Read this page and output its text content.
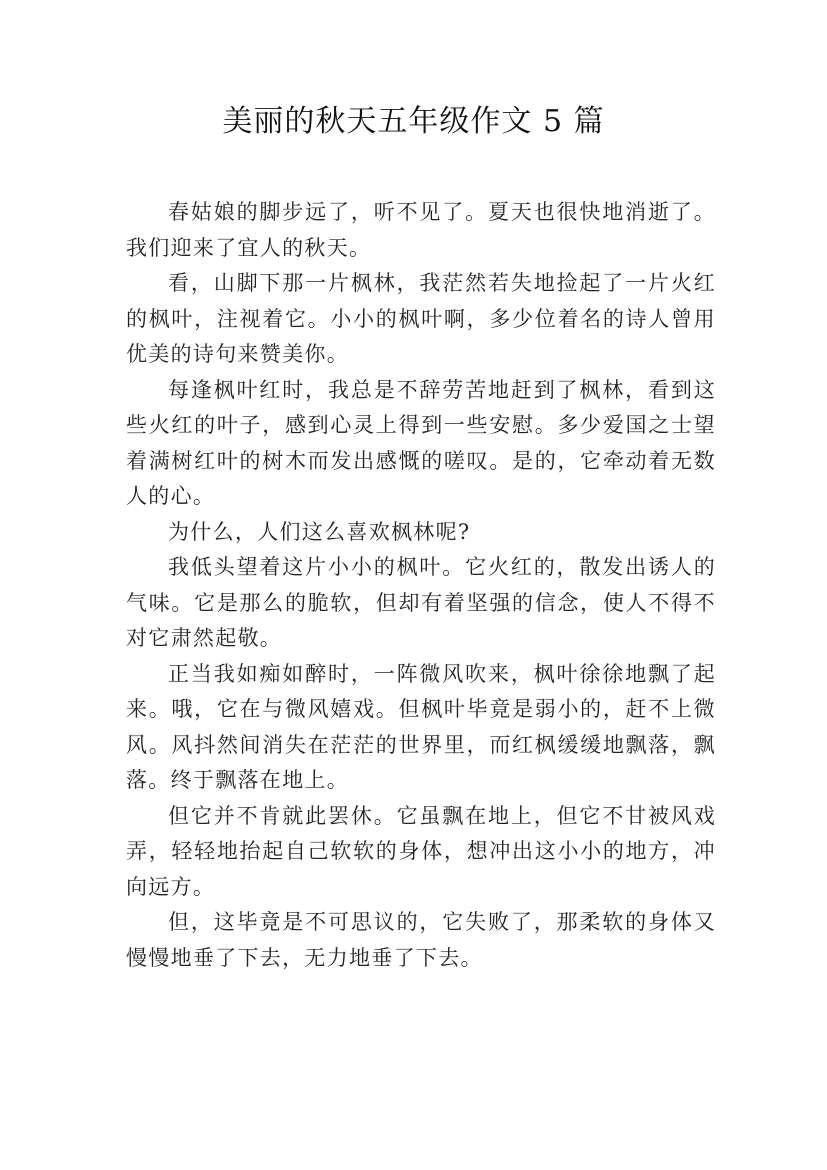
美丽的秋天五年级作文 5 篇

春姑娘的脚步远了，听不见了。夏天也很快地消逝了。我们迎来了宜人的秋天。

看，山脚下那一片枫林，我茫然若失地捡起了一片火红的枫叶，注视着它。小小的枫叶啊，多少位着名的诗人曾用优美的诗句来赞美你。

每逢枫叶红时，我总是不辞劳苦地赶到了枫林，看到这些火红的叶子，感到心灵上得到一些安慰。多少爱国之士望着满树红叶的树木而发出感慨的嗟叹。是的，它牵动着无数人的心。

为什么，人们这么喜欢枫林呢?

我低头望着这片小小的枫叶。它火红的，散发出诱人的气味。它是那么的脆软，但却有着坚强的信念，使人不得不对它肃然起敬。

正当我如痴如醉时，一阵微风吹来，枫叶徐徐地飘了起来。哦，它在与微风嬉戏。但枫叶毕竟是弱小的，赶不上微风。风抖然间消失在茫茫的世界里，而红枫缓缓地飘落，飘落。终于飘落在地上。

但它并不肯就此罢休。它虽飘在地上，但它不甘被风戏弄，轻轻地抬起自己软软的身体，想冲出这小小的地方，冲向远方。

但，这毕竟是不可思议的，它失败了，那柔软的身体又慢慢地垂了下去，无力地垂了下去。
